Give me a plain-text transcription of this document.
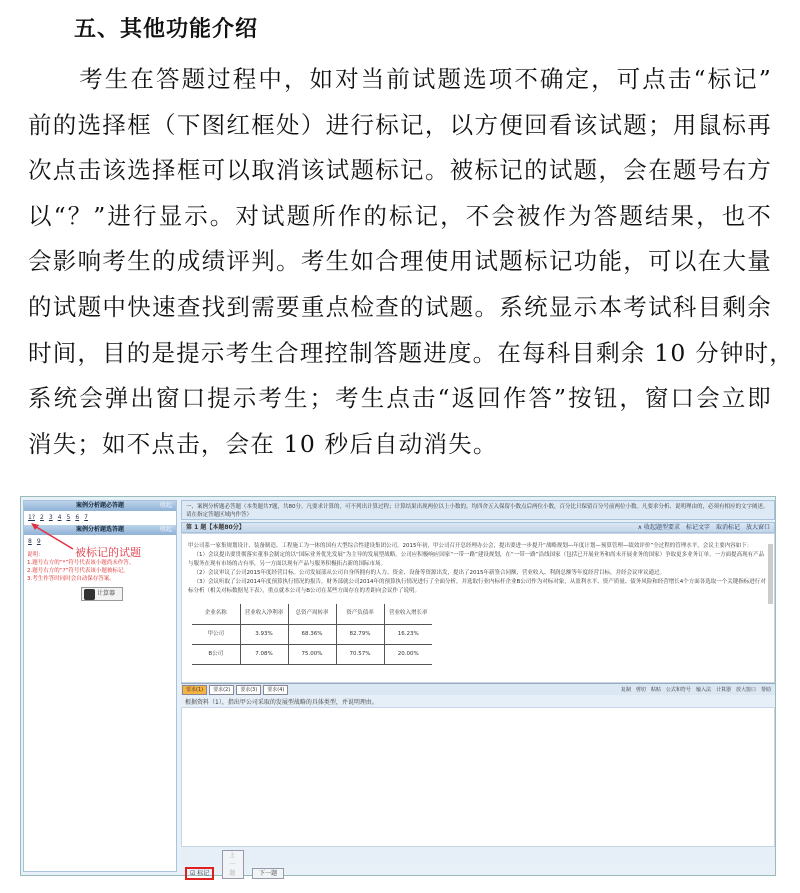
五、其他功能介绍
　　考生在答题过程中，如对当前试题选项不确定，可点击“标记”
前的选择框（下图红框处）进行标记，以方便回看该试题；用鼠标再
次点击该选择框可以取消该试题标记。被标记的试题，会在题号右方
以“？”进行显示。对试题所作的标记，不会被作为答题结果，也不
会影响考生的成绩评判。考生如合理使用试题标记功能，可以在大量
的试题中快速查找到需要重点检查的试题。系统显示本考试科目剩余
时间，目的是提示考生合理控制答题进度。在每科目剩余 10 分钟时，
系统会弹出窗口提示考生；考生点击“返回作答”按钮，窗口会立即
消失；如不点击，会在 10 秒后自动消失。
案例分析题必答题	收起
1? 2 3 4 5 6 7
案例分析题选答题	收起
8 9
说明：
1.题号右方的“*”符号代表该小题尚未作答。
2.题号右方的“?”符号代表该小题被标记。
3.考生作答时同时会自动保存答案。
计算器
被标记的试题
一、案例分析题必答题（本类题共7题，共80分。凡要求计算的，可不列出计算过程；计算结果出现两位以上小数的，均四舍五入保留小数点后两位小数，百分比只保留百分号前两位小数。凡要求分析、说明理由的，必须有相应的文字阐述。请在指定答题区域内作答）
第 1 题【本题80分】	∧ 收起题型要求 标记文字 取消标记 放大窗口

甲公司系一家集规划设计、装备制造、工程施工为一体的国有大型综合性建设集团公司。2015年初，甲公司召开总经理办公会，提出要进一步提升“战略规划—年度计划—预算管理—绩效评价”全过程的管理水平，会议主要内容如下：

（1）会议提出要贯彻落实董事会制定的以“国际业务优先发展”为主导的发展型战略。公司应积极响应国家“一带一路”建设规划，在“一带一路”沿线国家（包括已开展业务和尚未开展业务的国家）争取更多业务订单，一方面提高现有产品与服务在现有市场的占有率，另一方面以现有产品与服务积极拓占新的国际市场。

（2）会议审议了公司2015年度经营目标。公司发展部从公司自身所拥有的人力、资金、设备等资源出发，提出了2015年新签合同额、营业收入、利润总额等年度经营目标，并经会议审议通过。

（3）会议听取了公司2014年度预算执行情况的报告。财务部就公司2014年的预算执行情况进行了全面分析，并选取行业内标杆企业B公司作为对标对象，从盈利水平、资产质量、债务风险和经营增长4个方面各选取一个关键指标进行对标分析（相关对标数据见下表），重点就本公司与B公司在某些方面存在的差距向会议作了说明。

企业名称	营业收入净利率	总资产周转率	资产负债率	营业收入增长率
甲公司	3.93%	68.36%	82.79%	16.23%
B公司	7.08%	75.00%	70.57%	20.00%
要求(1) 要求(2) 要求(3) 要求(4)	复制 剪切 粘贴 公式和符号 输入法 计算器 放大窗口 帮助
根据资料（1），指出甲公司采取的发展型战略的具体类型，并说明理由。
☑ 标记 上一题	下一题
